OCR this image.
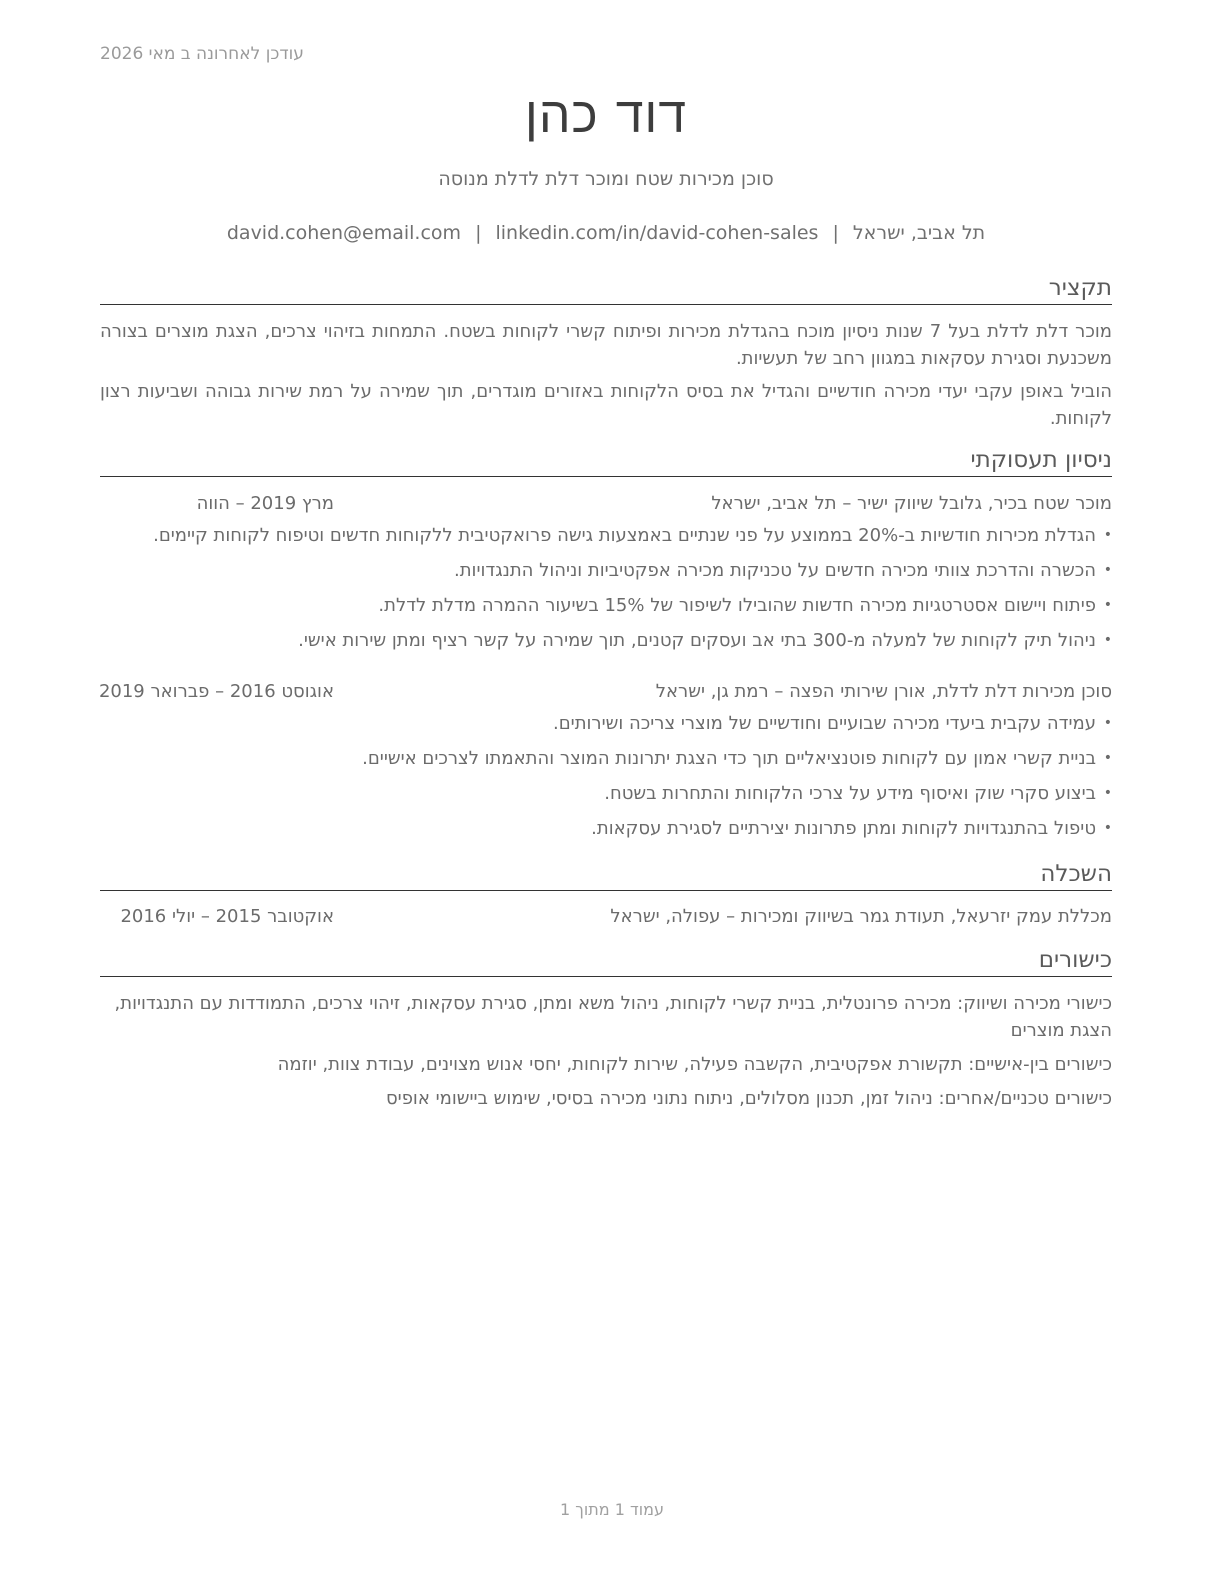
עודכן לאחרונה ב מאי 2026
דוד כהן
סוכן מכירות שטח ומוכר דלת לדלת מנוסה
תל אביב, ישראל|david.cohen@email.com | linkedin.com/in/david-cohen-sales
תקציר
מוכר דלת לדלת בעל 7 שנות ניסיון מוכח בהגדלת מכירות ופיתוח קשרי לקוחות בשטח. התמחות בזיהוי צרכים, הצגת מוצרים בצורה משכנעת וסגירת עסקאות במגוון רחב של תעשיות.
הוביל באופן עקבי יעדי מכירה חודשיים והגדיל את בסיס הלקוחות באזורים מוגדרים, תוך שמירה על רמת שירות גבוהה ושביעות רצון לקוחות.
ניסיון תעסוקתי
מוכר שטח בכיר, גלובל שיווק ישיר – תל אביב, ישראל
מרץ 2019 – הווה
• הגדלת מכירות חודשיות ב-20% בממוצע על פני שנתיים באמצעות גישה פרואקטיבית ללקוחות חדשים וטיפוח לקוחות קיימים.
• הכשרה והדרכת צוותי מכירה חדשים על טכניקות מכירה אפקטיביות וניהול התנגדויות.
• פיתוח ויישום אסטרטגיות מכירה חדשות שהובילו לשיפור של 15% בשיעור ההמרה מדלת לדלת.
• ניהול תיק לקוחות של למעלה מ-300 בתי אב ועסקים קטנים, תוך שמירה על קשר רציף ומתן שירות אישי.
סוכן מכירות דלת לדלת, אורן שירותי הפצה – רמת גן, ישראל
אוגוסט 2016 – פברואר 2019
• עמידה עקבית ביעדי מכירה שבועיים וחודשיים של מוצרי צריכה ושירותים.
• בניית קשרי אמון עם לקוחות פוטנציאליים תוך כדי הצגת יתרונות המוצר והתאמתו לצרכים אישיים.
• ביצוע סקרי שוק ואיסוף מידע על צרכי הלקוחות והתחרות בשטח.
• טיפול בהתנגדויות לקוחות ומתן פתרונות יצירתיים לסגירת עסקאות.
השכלה
מכללת עמק יזרעאל, תעודת גמר בשיווק ומכירות – עפולה, ישראל
אוקטובר 2015 – יולי 2016
כישורים
כישורי מכירה ושיווק: מכירה פרונטלית, בניית קשרי לקוחות, ניהול משא ומתן, סגירת עסקאות, זיהוי צרכים, התמודדות עם התנגדויות, הצגת מוצרים
כישורים בין-אישיים: תקשורת אפקטיבית, הקשבה פעילה, שירות לקוחות, יחסי אנוש מצוינים, עבודת צוות, יוזמה
כישורים טכניים/אחרים: ניהול זמן, תכנון מסלולים, ניתוח נתוני מכירה בסיסי, שימוש ביישומי אופיס
עמוד 1 מתוך 1
